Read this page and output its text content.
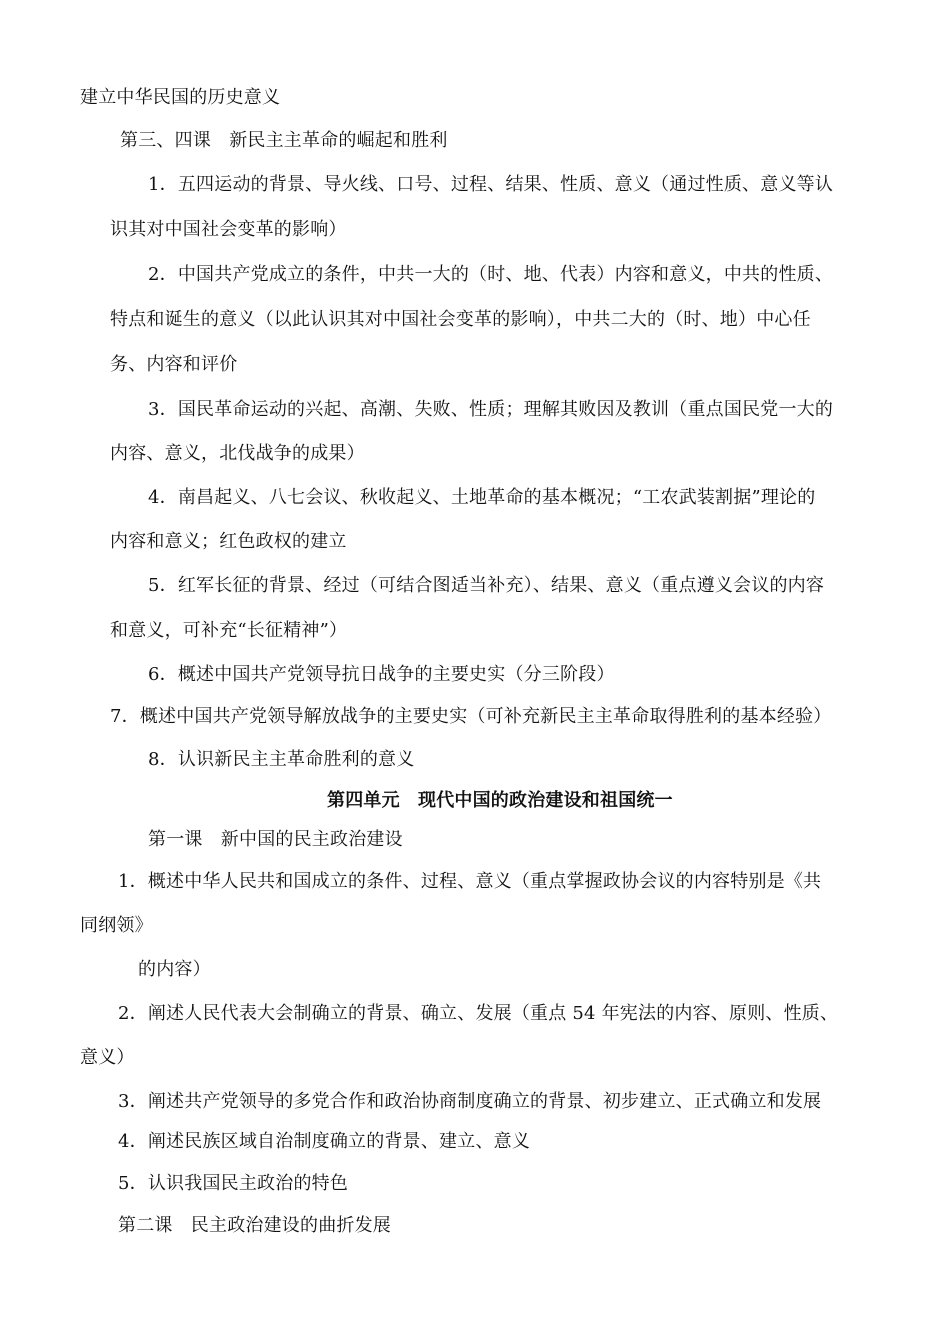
建立中华民国的历史意义
第三、四课　新民主主革命的崛起和胜利
1．五四运动的背景、导火线、口号、过程、结果、性质、意义（通过性质、意义等认
识其对中国社会变革的影响）
2．中国共产党成立的条件，中共一大的（时、地、代表）内容和意义，中共的性质、
特点和诞生的意义（以此认识其对中国社会变革的影响），中共二大的（时、地）中心任
务、内容和评价
3．国民革命运动的兴起、高潮、失败、性质；理解其败因及教训（重点国民党一大的
内容、意义，北伐战争的成果）
4．南昌起义、八七会议、秋收起义、土地革命的基本概况；“工农武装割据”理论的
内容和意义；红色政权的建立
5．红军长征的背景、经过（可结合图适当补充）、结果、意义（重点遵义会议的内容
和意义，可补充“长征精神”）
6．概述中国共产党领导抗日战争的主要史实（分三阶段）
7．概述中国共产党领导解放战争的主要史实（可补充新民主主革命取得胜利的基本经验）
8．认识新民主主革命胜利的意义
第四单元　现代中国的政治建设和祖国统一
第一课　新中国的民主政治建设
1．概述中华人民共和国成立的条件、过程、意义（重点掌握政协会议的内容特别是《共
同纲领》
的内容）
2．阐述人民代表大会制确立的背景、确立、发展（重点 54 年宪法的内容、原则、性质、
意义）
3．阐述共产党领导的多党合作和政治协商制度确立的背景、初步建立、正式确立和发展
4．阐述民族区域自治制度确立的背景、建立、意义
5．认识我国民主政治的特色
第二课　民主政治建设的曲折发展
